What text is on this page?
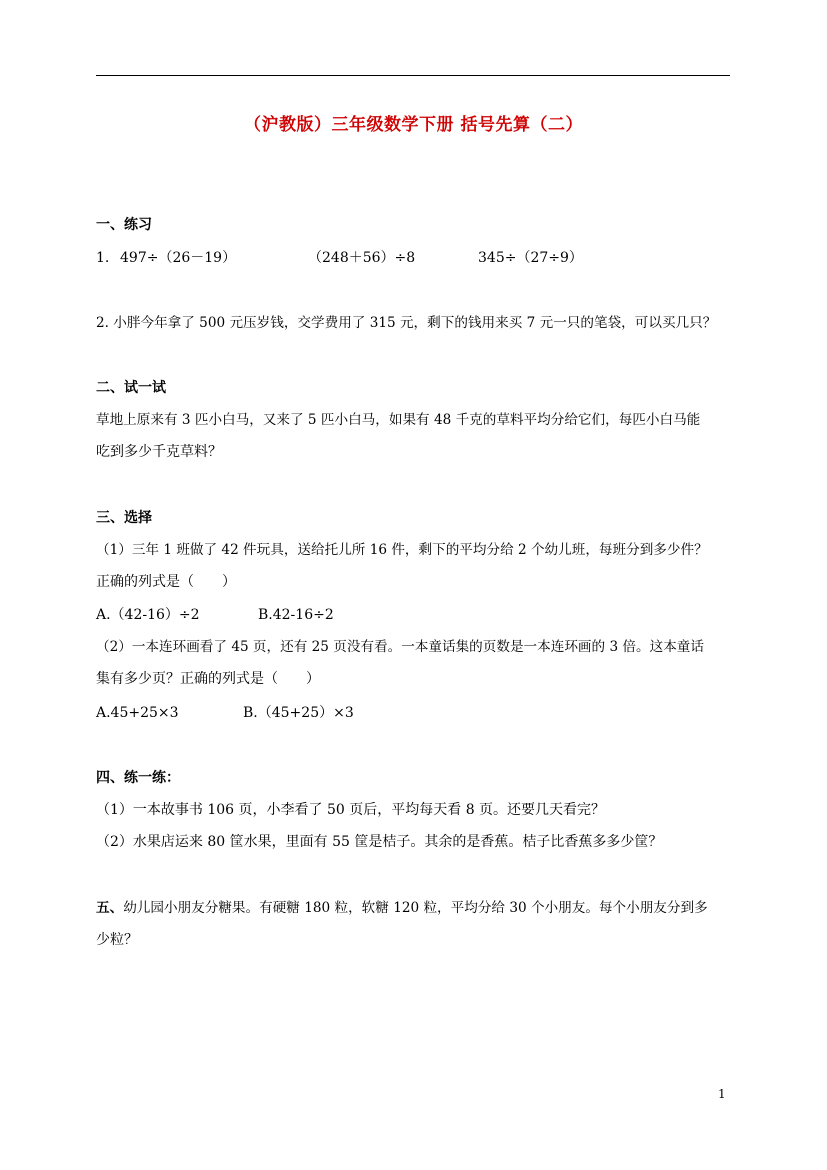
（沪教版）三年级数学下册 括号先算（二）
一、练习
1. 497÷（26－19）	（248＋56）÷8	345÷（27÷9）
2. 小胖今年拿了 500 元压岁钱，交学费用了 315 元，剩下的钱用来买 7 元一只的笔袋，可以买几只？
二、试一试
草地上原来有 3 匹小白马，又来了 5 匹小白马，如果有 48 千克的草料平均分给它们，每匹小白马能
吃到多少千克草料？
三、选择
（1）三年 1 班做了 42 件玩具，送给托儿所 16 件，剩下的平均分给 2 个幼儿班，每班分到多少件？
正确的列式是（　　）
A.（42-16）÷2	B.42-16÷2
（2）一本连环画看了 45 页，还有 25 页没有看。一本童话集的页数是一本连环画的 3 倍。这本童话
集有多少页？正确的列式是（　　）
A.45+25×3	B.（45+25）×3
四、练一练：
（1）一本故事书 106 页，小李看了 50 页后，平均每天看 8 页。还要几天看完？
（2）水果店运来 80 筐水果，里面有 55 筐是桔子。其余的是香蕉。桔子比香蕉多多少筐？
五、幼儿园小朋友分糖果。有硬糖 180 粒，软糖 120 粒，平均分给 30 个小朋友。每个小朋友分到多
少粒？
1
